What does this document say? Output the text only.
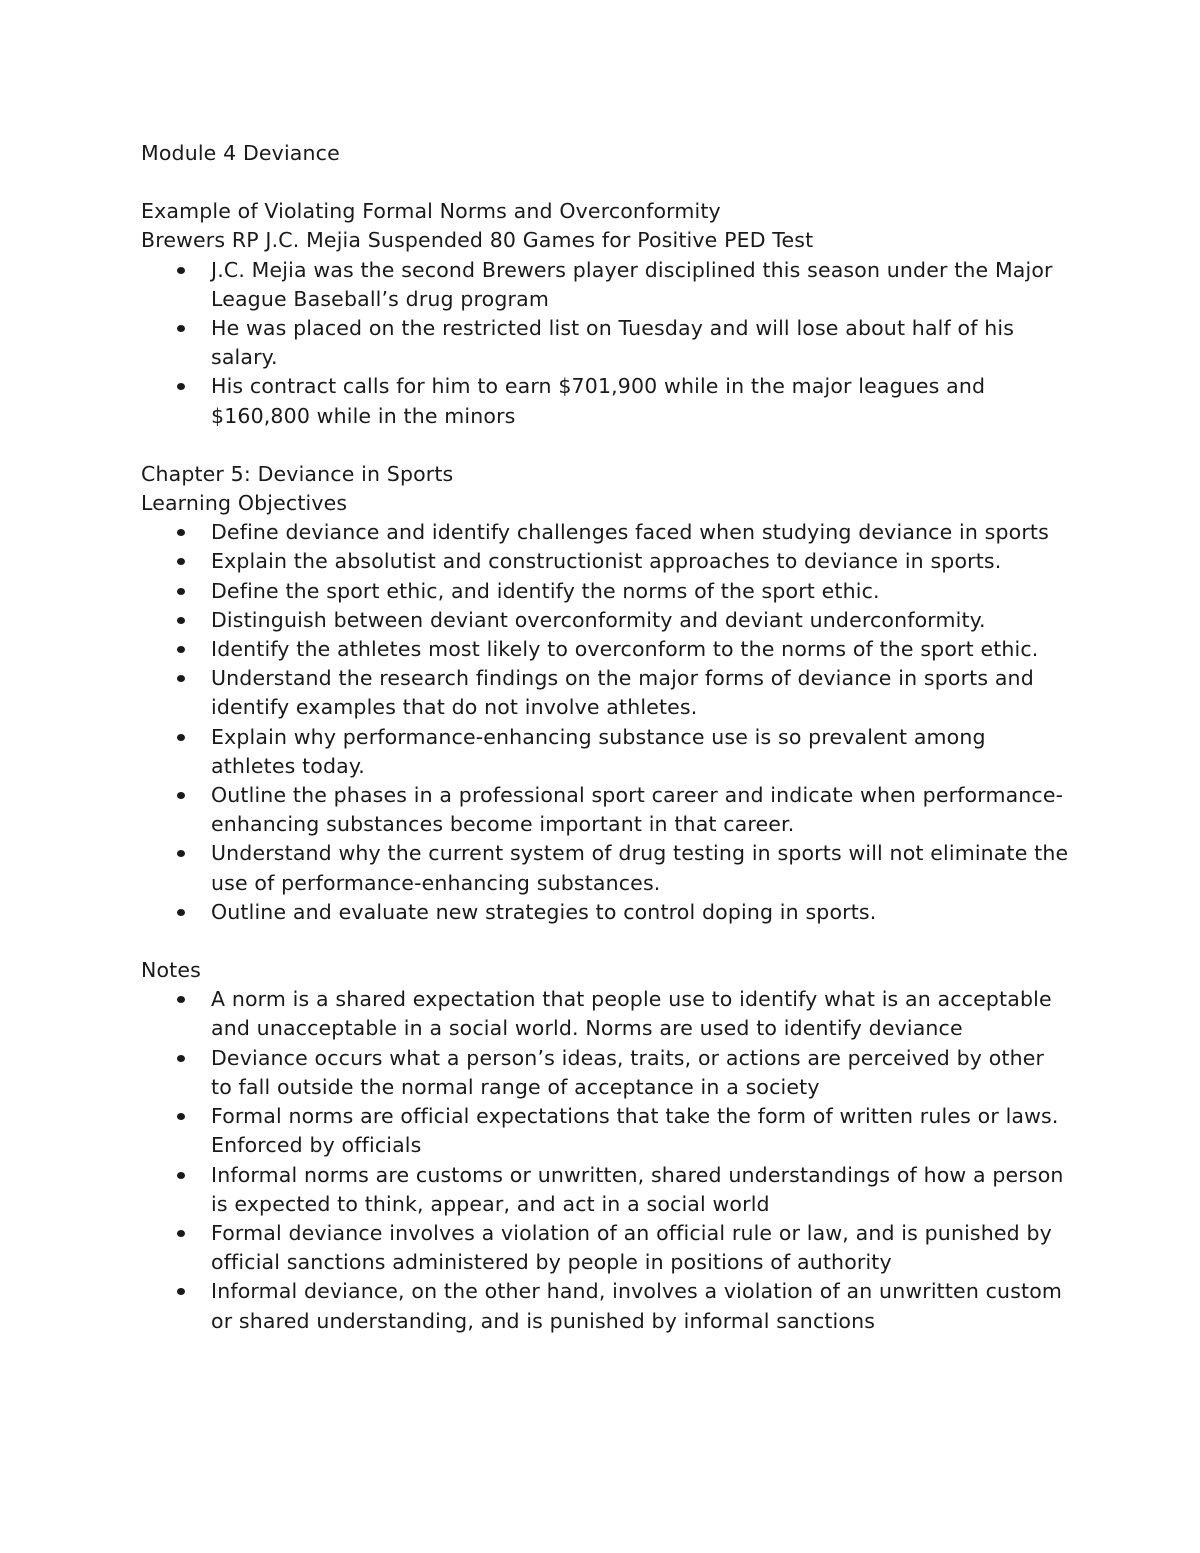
Module 4 Deviance

Example of Violating Formal Norms and Overconformity

Brewers RP J.C. Mejia Suspended 80 Games for Positive PED Test

J.C. Mejia was the second Brewers player disciplined this season under the Major League Baseball’s drug program
He was placed on the restricted list on Tuesday and will lose about half of his salary.
His contract calls for him to earn $701,900 while in the major leagues and $160,800 while in the minors

Chapter 5: Deviance in Sports

Learning Objectives

Define deviance and identify challenges faced when studying deviance in sports
Explain the absolutist and constructionist approaches to deviance in sports.
Define the sport ethic, and identify the norms of the sport ethic.
Distinguish between deviant overconformity and deviant underconformity.
Identify the athletes most likely to overconform to the norms of the sport ethic.
Understand the research findings on the major forms of deviance in sports and identify examples that do not involve athletes.
Explain why performance-enhancing substance use is so prevalent among athletes today.
Outline the phases in a professional sport career and indicate when performance-enhancing substances become important in that career.
Understand why the current system of drug testing in sports will not eliminate the use of performance-enhancing substances.
Outline and evaluate new strategies to control doping in sports.

Notes

A norm is a shared expectation that people use to identify what is an acceptable and unacceptable in a social world. Norms are used to identify deviance
Deviance occurs what a person’s ideas, traits, or actions are perceived by other to fall outside the normal range of acceptance in a society
Formal norms are official expectations that take the form of written rules or laws. Enforced by officials
Informal norms are customs or unwritten, shared understandings of how a person is expected to think, appear, and act in a social world
Formal deviance involves a violation of an official rule or law, and is punished by official sanctions administered by people in positions of authority
Informal deviance, on the other hand, involves a violation of an unwritten custom or shared understanding, and is punished by informal sanctions
